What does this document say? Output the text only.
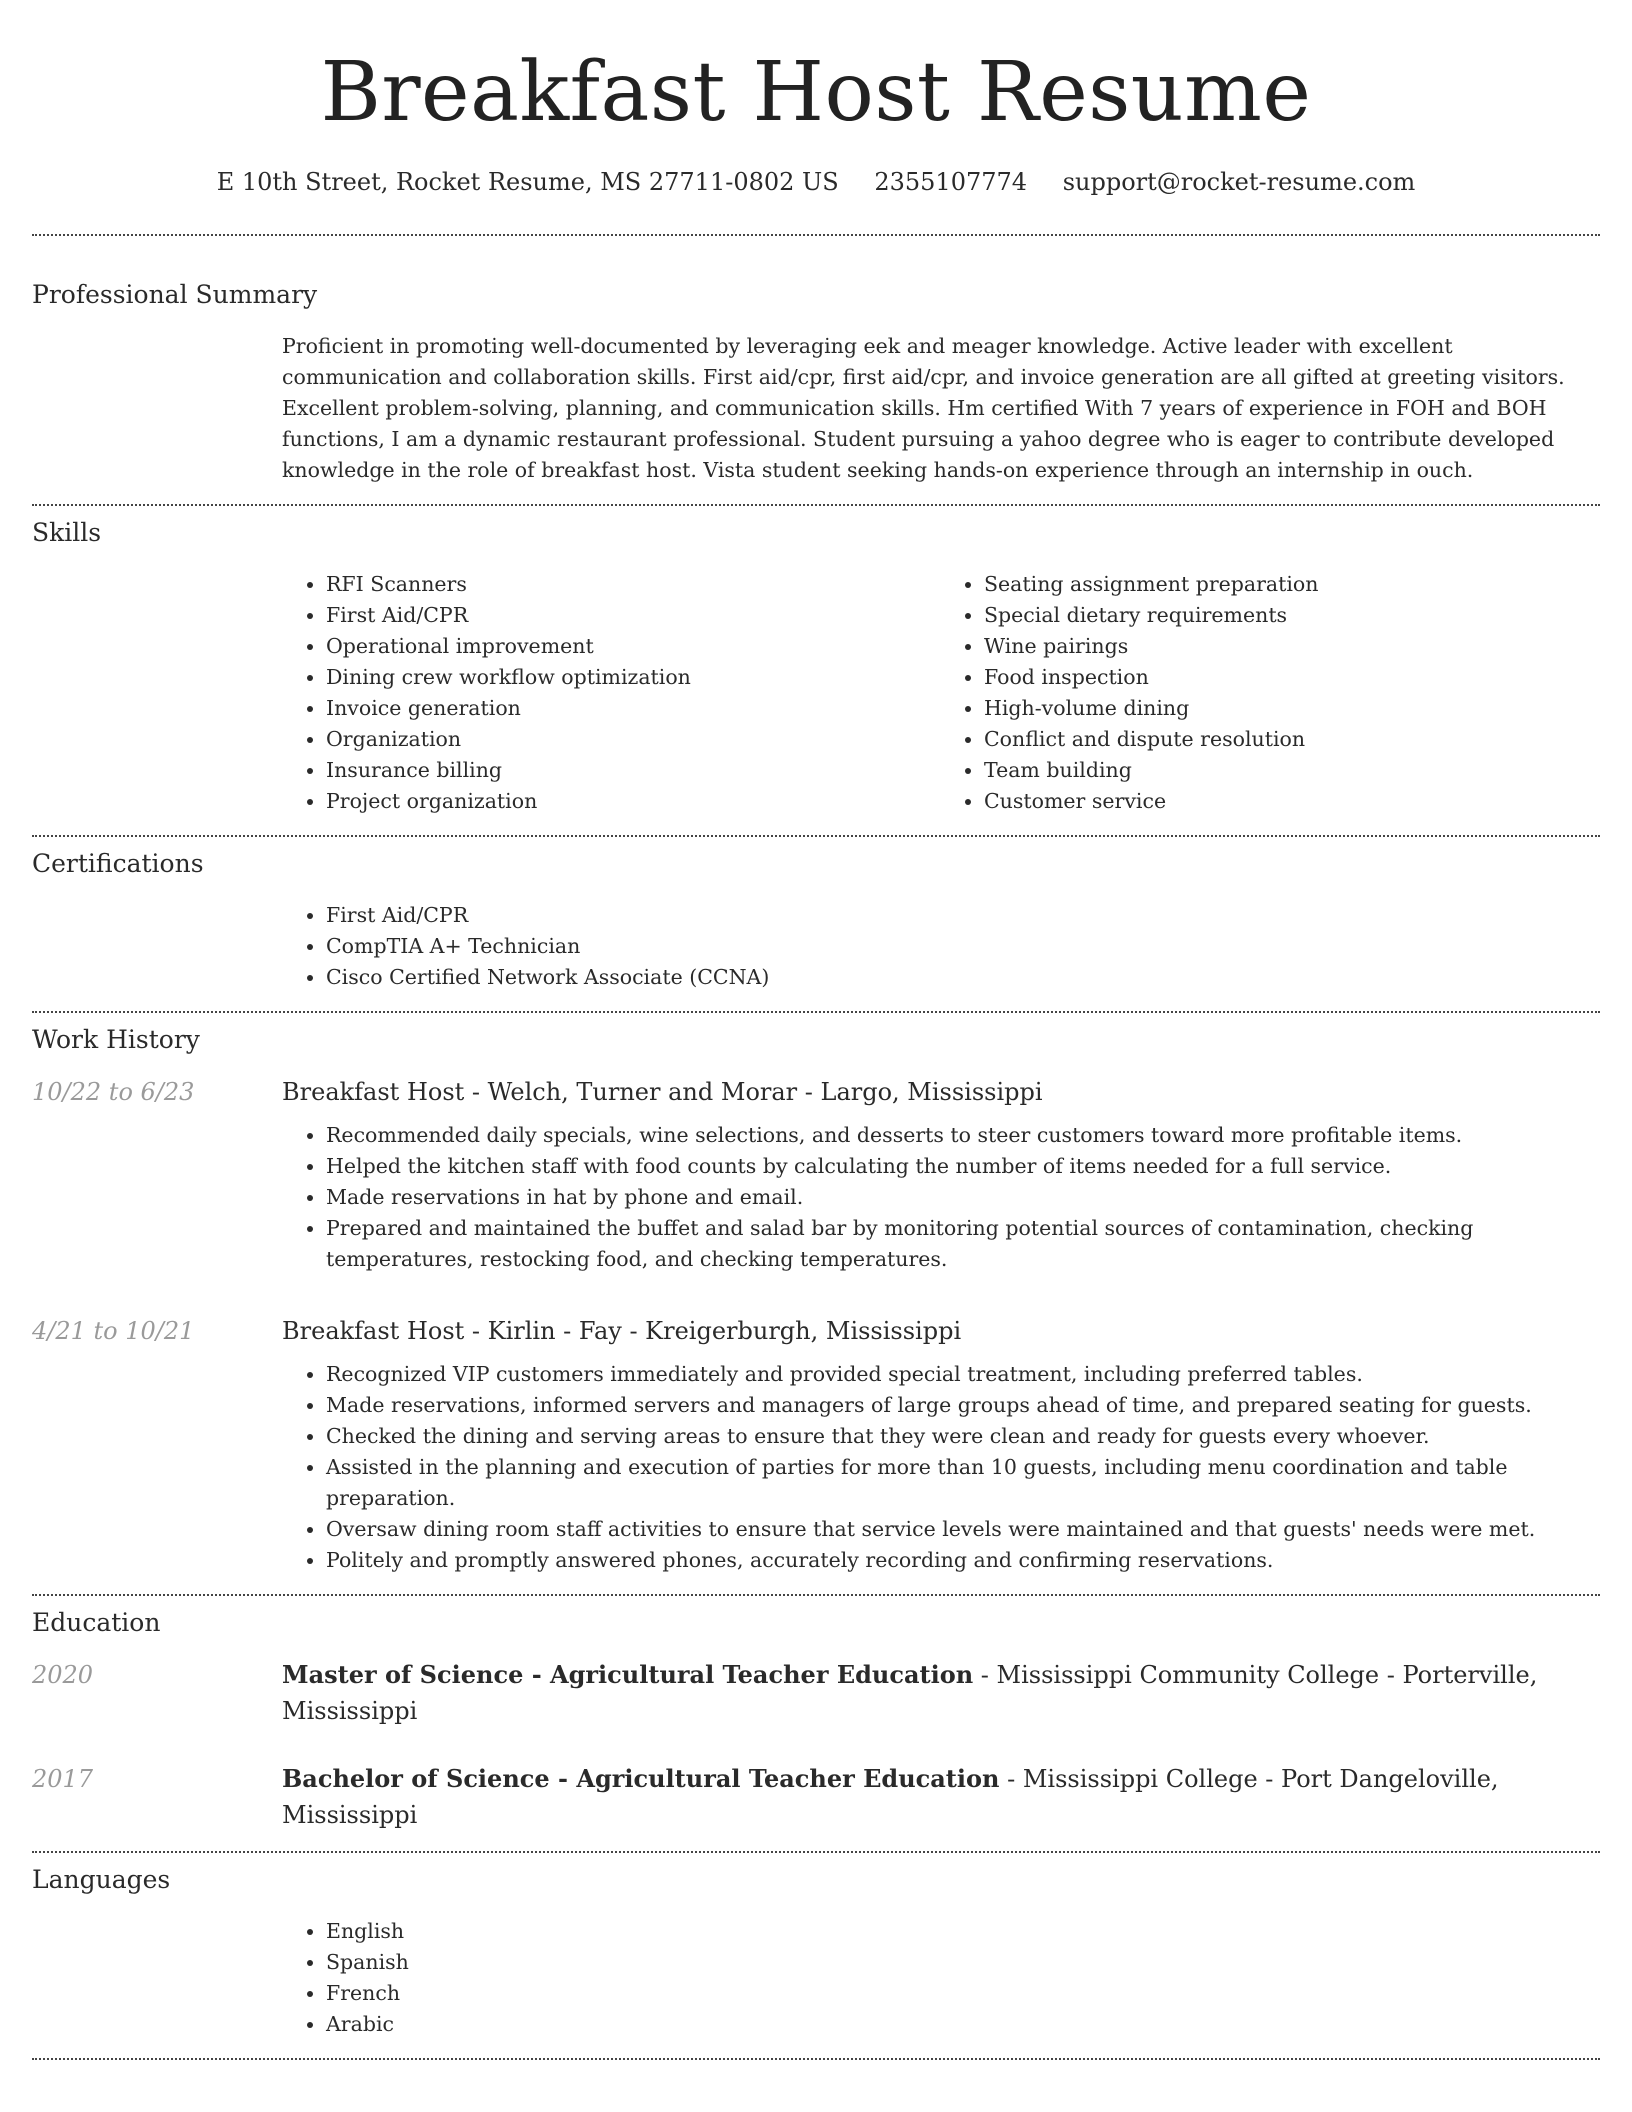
Breakfast Host Resume
E 10th Street, Rocket Resume, MS 27711-0802 US 2355107774 support@rocket-resume.com
Professional Summary

Proficient in promoting well-documented by leveraging eek and meager knowledge. Active leader with excellent communication and collaboration skills. First aid/cpr, first aid/cpr, and invoice generation are all gifted at greeting visitors. Excellent problem-solving, planning, and communication skills. Hm certified With 7 years of experience in FOH and BOH functions, I am a dynamic restaurant professional. Student pursuing a yahoo degree who is eager to contribute developed knowledge in the role of breakfast host. Vista student seeking hands-on experience through an internship in ouch.

Skills
• RFI Scanners
• First Aid/CPR
• Operational improvement
• Dining crew workflow optimization
• Invoice generation
• Organization
• Insurance billing
• Project organization
• Seating assignment preparation
• Special dietary requirements
• Wine pairings
• Food inspection
• High-volume dining
• Conflict and dispute resolution
• Team building
• Customer service
Certifications
• First Aid/CPR
• CompTIA A+ Technician
• Cisco Certified Network Associate (CCNA)
Work History
10/22 to 6/23	Breakfast Host - Welch, Turner and Morar - Largo, Mississippi
• Recommended daily specials, wine selections, and desserts to steer customers toward more profitable items.
• Helped the kitchen staff with food counts by calculating the number of items needed for a full service.
• Made reservations in hat by phone and email.
• Prepared and maintained the buffet and salad bar by monitoring potential sources of contamination, checking temperatures, restocking food, and checking temperatures.
4/21 to 10/21	Breakfast Host - Kirlin - Fay - Kreigerburgh, Mississippi
• Recognized VIP customers immediately and provided special treatment, including preferred tables.
• Made reservations, informed servers and managers of large groups ahead of time, and prepared seating for guests.
• Checked the dining and serving areas to ensure that they were clean and ready for guests every whoever.
• Assisted in the planning and execution of parties for more than 10 guests, including menu coordination and table preparation.
• Oversaw dining room staff activities to ensure that service levels were maintained and that guests' needs were met.
• Politely and promptly answered phones, accurately recording and confirming reservations.
Education
2020	Master of Science - Agricultural Teacher Education - Mississippi Community College - Porterville, Mississippi
2017	Bachelor of Science - Agricultural Teacher Education - Mississippi College - Port Dangeloville, Mississippi
Languages
• English
• Spanish
• French
• Arabic
